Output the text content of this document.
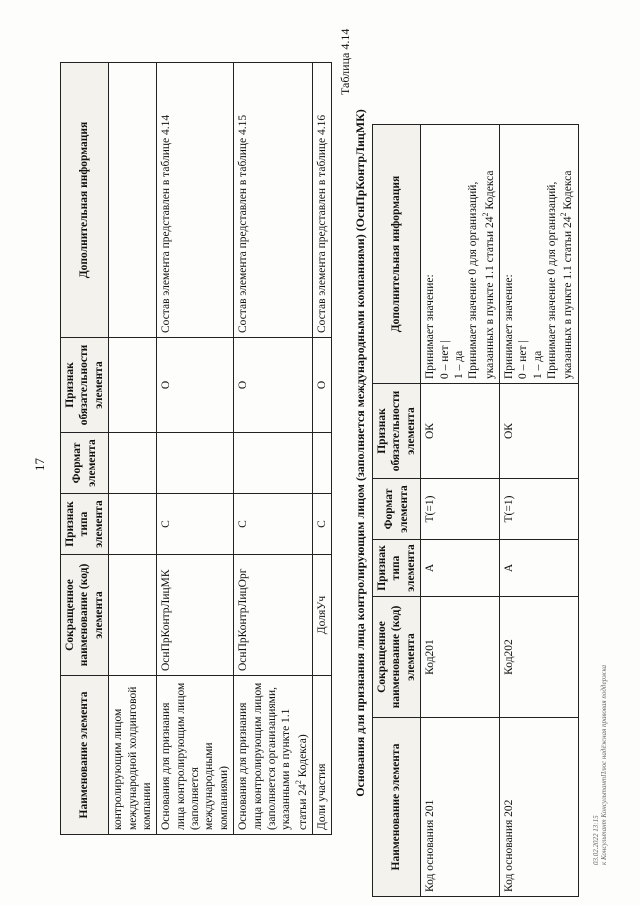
17
Наименование элемента	Сокращенное наименование (код) элемента	Признак типа элемента	Формат элемента	Признак обязательности элемента	Дополнительная информация
контролирующим лицом международной холдинговой компании					
Основания для признания лица контролирующим лицом (заполняется международными компаниями)	ОснПрКонтрЛицМК	С		О	Состав элемента представлен в таблице 4.14
Основания для признания лица контролирующим лицом (заполняется организациями, указанными в пункте 1.1 статьи $24^2$ Кодекса)	ОснПрКонтрЛицОрг	С		О	Состав элемента представлен в таблице 4.15
Доли участия	ДоляУч	С		О	Состав элемента представлен в таблице 4.16
Таблица 4.14
Основания для признания лица контролирующим лицом (заполняется международными компаниями) (ОснПрКонтрЛицМК)
Наименование элемента	Сокращенное наименование (код) элемента	Признак типа элемента	Формат элемента	Признак обязательности элемента	Дополнительная информация
Код основания 201	Код201	А	Т(=1)	ОК	Принимает значение: 0 – нет | 1 – да Принимает значение 0 для организаций, указанных в пункте 1.1 статьи $24^2$ Кодекса
Код основания 202	Код202	А	Т(=1)	ОК	Принимает значение: 0 – нет | 1 – да Принимает значение 0 для организаций, указанных в пункте 1.1 статьи $24^2$ Кодекса
03.02.2022 13:15 к Консультант КонсультантПлюс надёжная правовая поддержка
